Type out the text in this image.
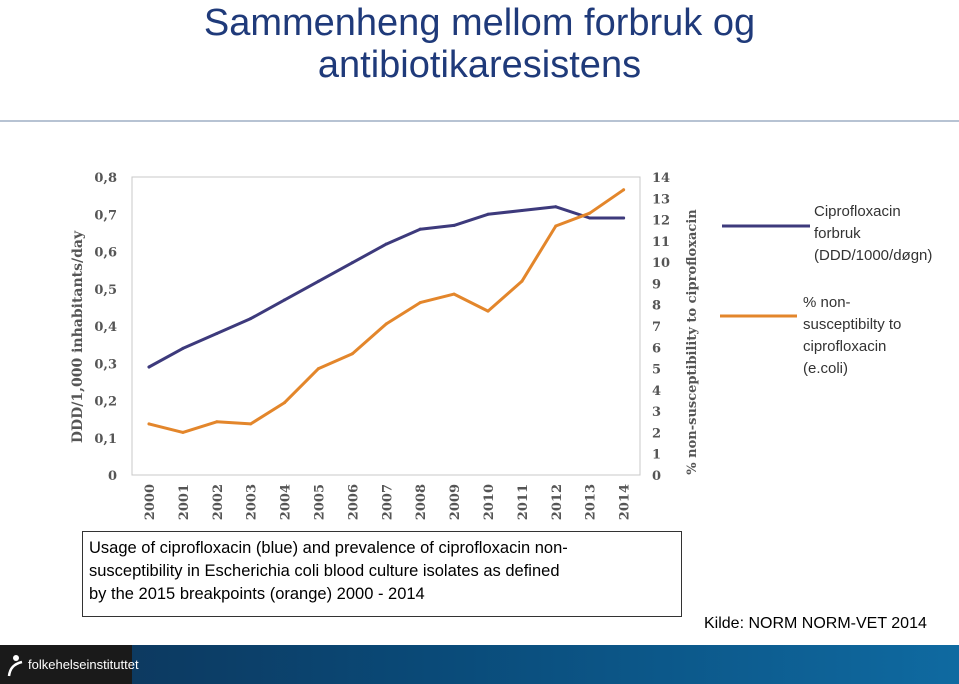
Sammenheng mellom forbruk og
antibiotikaresistens
0
0,1
0,2
0,3
0,4
0,5
0,6
0,7
0,8
0
1
2
3
4
5
6
7
8
9
10
11
12
13
14
2000 2001 2002 2003 2004 2005 2006 2007 2008 2009 2010 2011 2012 2013 2014
DDD/1,000 inhabitants/day	% non-susceptibility to ciprofloxacin	Ciprofloxacin
forbruk
(DDD/1000/døgn)
% non-
susceptibilty to
ciprofloxacin
(e.coli)
Usage of ciprofloxacin (blue) and prevalence of ciprofloxacin non-
susceptibility in Escherichia coli blood culture isolates as defined
by the 2015 breakpoints (orange) 2000 - 2014
Kilde: NORM NORM-VET 2014
folkehelseinstituttet
